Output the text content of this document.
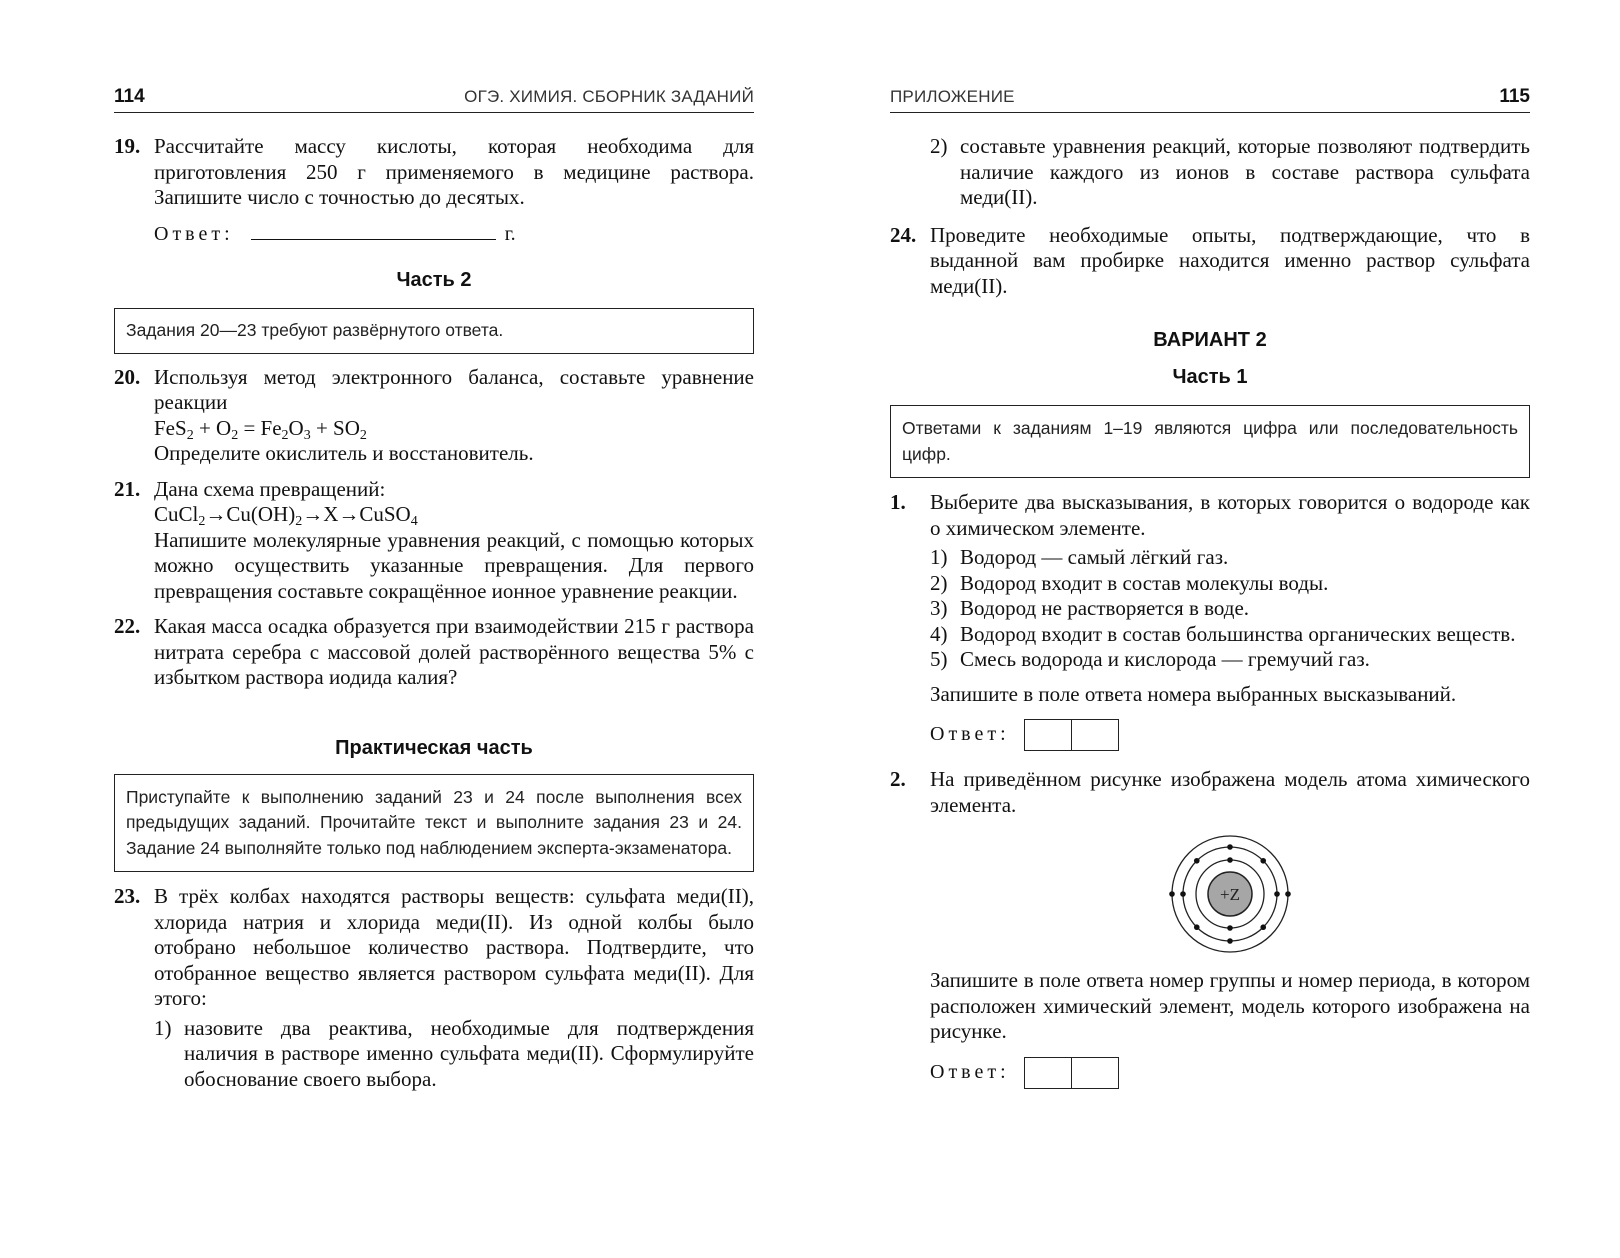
114	ОГЭ. ХИМИЯ. СБОРНИК ЗАДАНИЙ
19. Рассчитайте массу кислоты, которая необходима для приготовления 250 г применяемого в медицине раствора. Запишите число с точностью до десятых.

Ответ:	г.
Часть 2
Задания 20—23 требуют развёрнутого ответа.
20. Используя метод электронного баланса, составьте уравнение реакции

$FeS_2 + O_2 = Fe_2O_3 + SO_2$

Определите окислитель и восстановитель.

21. Дана схема превращений:

$CuCl_2\to Cu(OH)_2\to X\to CuSO_4$

Напишите молекулярные уравнения реакций, с помощью которых можно осуществить указанные превращения. Для первого превращения составьте сокращённое ионное уравнение реакции.

22. Какая масса осадка образуется при взаимодействии 215 г раствора нитрата серебра с массовой долей растворённого вещества 5% с избытком раствора иодида калия?

Практическая часть
Приступайте к выполнению заданий 23 и 24 после выполнения всех предыдущих заданий. Прочитайте текст и выполните задания 23 и 24. Задание 24 выполняйте только под наблюдением эксперта-экзаменатора.
23. В трёх колбах находятся растворы веществ: сульфата меди(II), хлорида натрия и хлорида меди(II). Из одной колбы было отобрано небольшое количество раствора. Подтвердите, что отобранное вещество является раствором сульфата меди(II). Для этого:

1) назовите два реактива, необходимые для подтверждения наличия в растворе именно сульфата меди(II). Сформулируйте обоснование своего выбора.
ПРИЛОЖЕНИЕ	115
2) составьте уравнения реакций, которые позволяют подтвердить наличие каждого из ионов в составе раствора сульфата меди(II).
24. Проведите необходимые опыты, подтверждающие, что в выданной вам пробирке находится именно раствор сульфата меди(II).

ВАРИАНТ 2
Часть 1
Ответами к заданиям 1–19 являются цифра или последовательность цифр.
1. Выберите два высказывания, в которых говорится о водороде как о химическом элементе.

1) Водород — самый лёгкий газ.
2) Водород входит в состав молекулы воды.
3) Водород не растворяется в воде.
4) Водород входит в состав большинства органических веществ.
5) Смесь водорода и кислорода — гремучий газ.

Запишите в поле ответа номера выбранных высказываний.

Ответ:
2. На приведённом рисунке изображена модель атома химического элемента.

+Z

Запишите в поле ответа номер группы и номер периода, в котором расположен химический элемент, модель которого изображена на рисунке.

Ответ:
